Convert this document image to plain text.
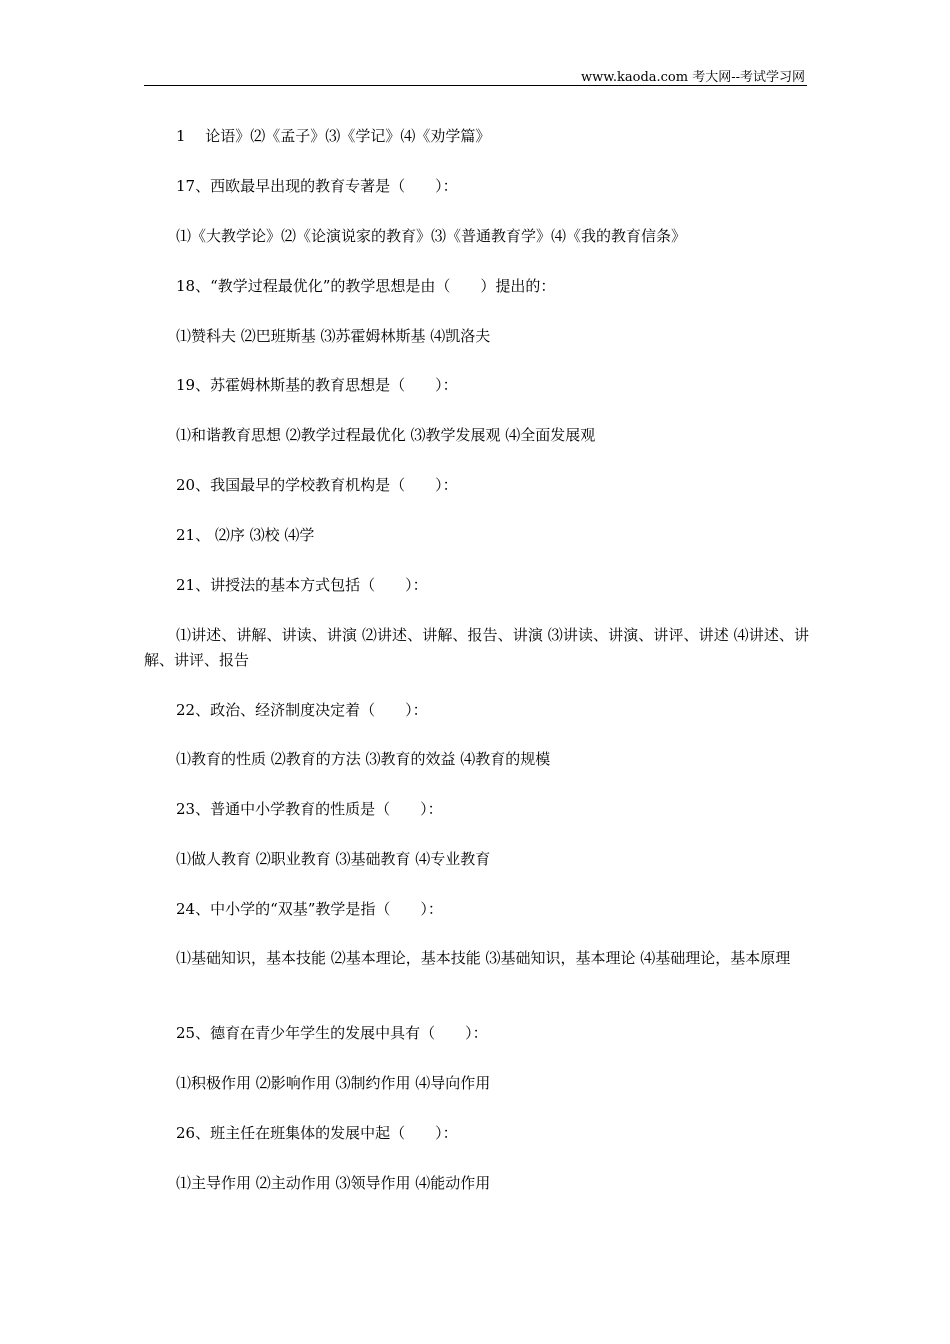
www.kaoda.com 考大网--考试学习网
1　 论语》⑵《孟子》⑶《学记》⑷《劝学篇》
17、西欧最早出现的教育专著是（　　）：
⑴《大教学论》⑵《论演说家的教育》⑶《普通教育学》⑷《我的教育信条》
18、“教学过程最优化”的教学思想是由（　　）提出的：
⑴赞科夫 ⑵巴班斯基 ⑶苏霍姆林斯基 ⑷凯洛夫
19、苏霍姆林斯基的教育思想是（　　）：
⑴和谐教育思想 ⑵教学过程最优化 ⑶教学发展观 ⑷全面发展观
20、我国最早的学校教育机构是（　　）：
21、 ⑵序 ⑶校 ⑷学
21、讲授法的基本方式包括（　　）：
⑴讲述、讲解、讲读、讲演 ⑵讲述、讲解、报告、讲演 ⑶讲读、讲演、讲评、讲述 ⑷讲述、讲解、讲评、报告
22、政治、经济制度决定着（　　）：
⑴教育的性质 ⑵教育的方法 ⑶教育的效益 ⑷教育的规模
23、普通中小学教育的性质是（　　）：
⑴做人教育 ⑵职业教育 ⑶基础教育 ⑷专业教育
24、中小学的“双基”教学是指（　　）：
⑴基础知识，基本技能 ⑵基本理论，基本技能 ⑶基础知识，基本理论 ⑷基础理论，基本原理
25、德育在青少年学生的发展中具有（　　）：
⑴积极作用 ⑵影响作用 ⑶制约作用 ⑷导向作用
26、班主任在班集体的发展中起（　　）：
⑴主导作用 ⑵主动作用 ⑶领导作用 ⑷能动作用
